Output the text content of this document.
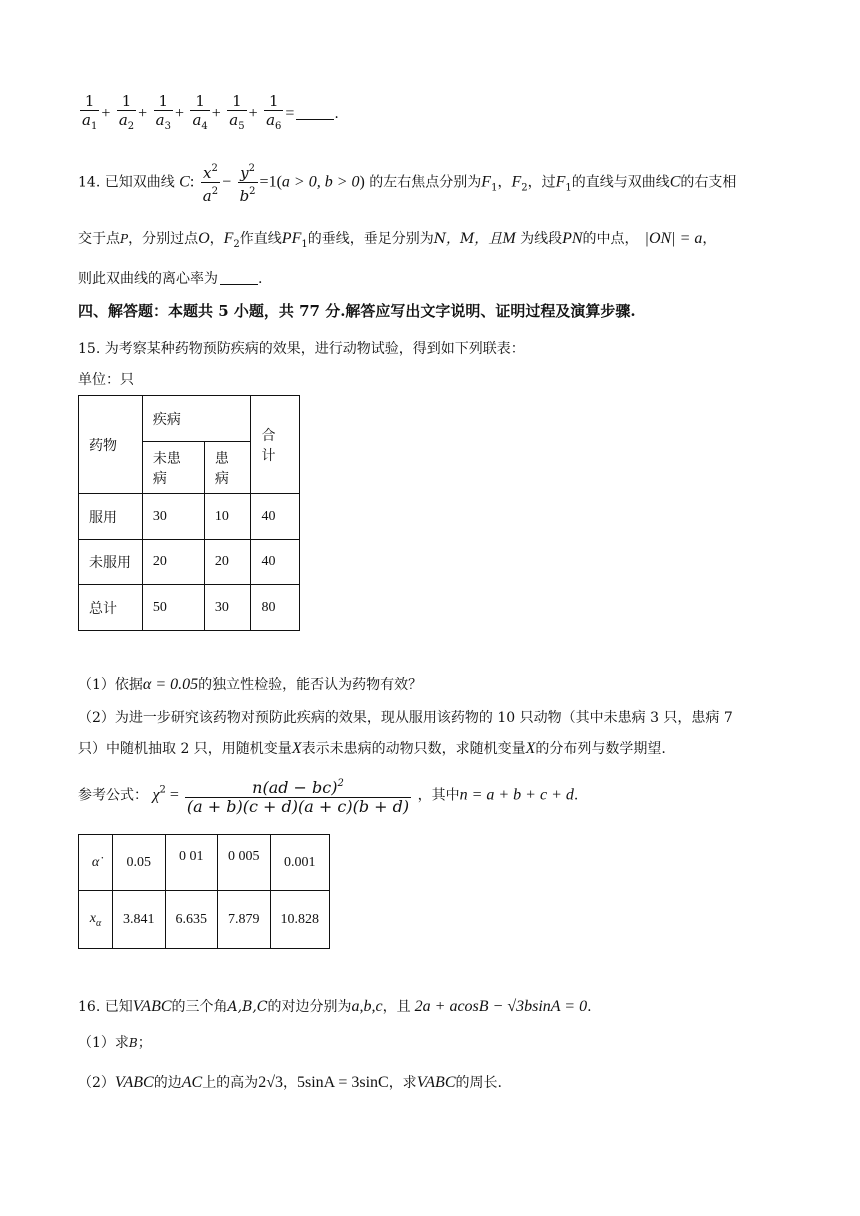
$\frac{1}{a_1} + \frac{1}{a_2} + \frac{1}{a_3} + \frac{1}{a_4} + \frac{1}{a_5} + \frac{1}{a_6}$ =	.
14. 已知双曲线 C: $\frac{x^2}{a^2} - \frac{y^2}{b^2} =1(a > 0$, b > 0) 的左右焦点分别为$F_1$，$F_2$，过$F_1$的直线与双曲线C的右支相
交于点P，分别过点O，$F_2$作直线$PF_1$的垂线，垂足分别为N，M，且M 为线段PN的中点， |ON| = a，
则此双曲线的离心率为	.
四、解答题：本题共 5 小题，共 77 分.解答应写出文字说明、证明过程及演算步骤.
15. 为考察某种药物预防疾病的效果，进行动物试验，得到如下列联表：
单位：只
药物	疾病		合计
	未患病	患病	
服用	30	10	40
未服用	20	20	40
总计	50	30	80
（1）依据α = 0.05的独立性检验，能否认为药物有效？
（2）为进一步研究该药物对预防此疾病的效果，现从服用该药物的 10 只动物（其中未患病 3 只，患病 7
只）中随机抽取 2 只，用随机变量X表示未患病的动物只数，求随机变量X的分布列与数学期望.
参考公式： $\chi^2 = \frac{n(ad - bc)^2}{(a + b)(c + d)(a + c)(b + d)}$ ，其中n = a + b + c + d.
α̇	0.05	0 01	0 005	0.001
$x_\alpha$	3.841	6.635	7.879	10.828
16. 已知VABC的三个角A,B,C的对边分别为a,b,c，且 2a + acosB − √3bsinA = 0.
（1）求B；
（2）VABC的边AC上的高为2√3，5sinA = 3sinC，求VABC的周长.
